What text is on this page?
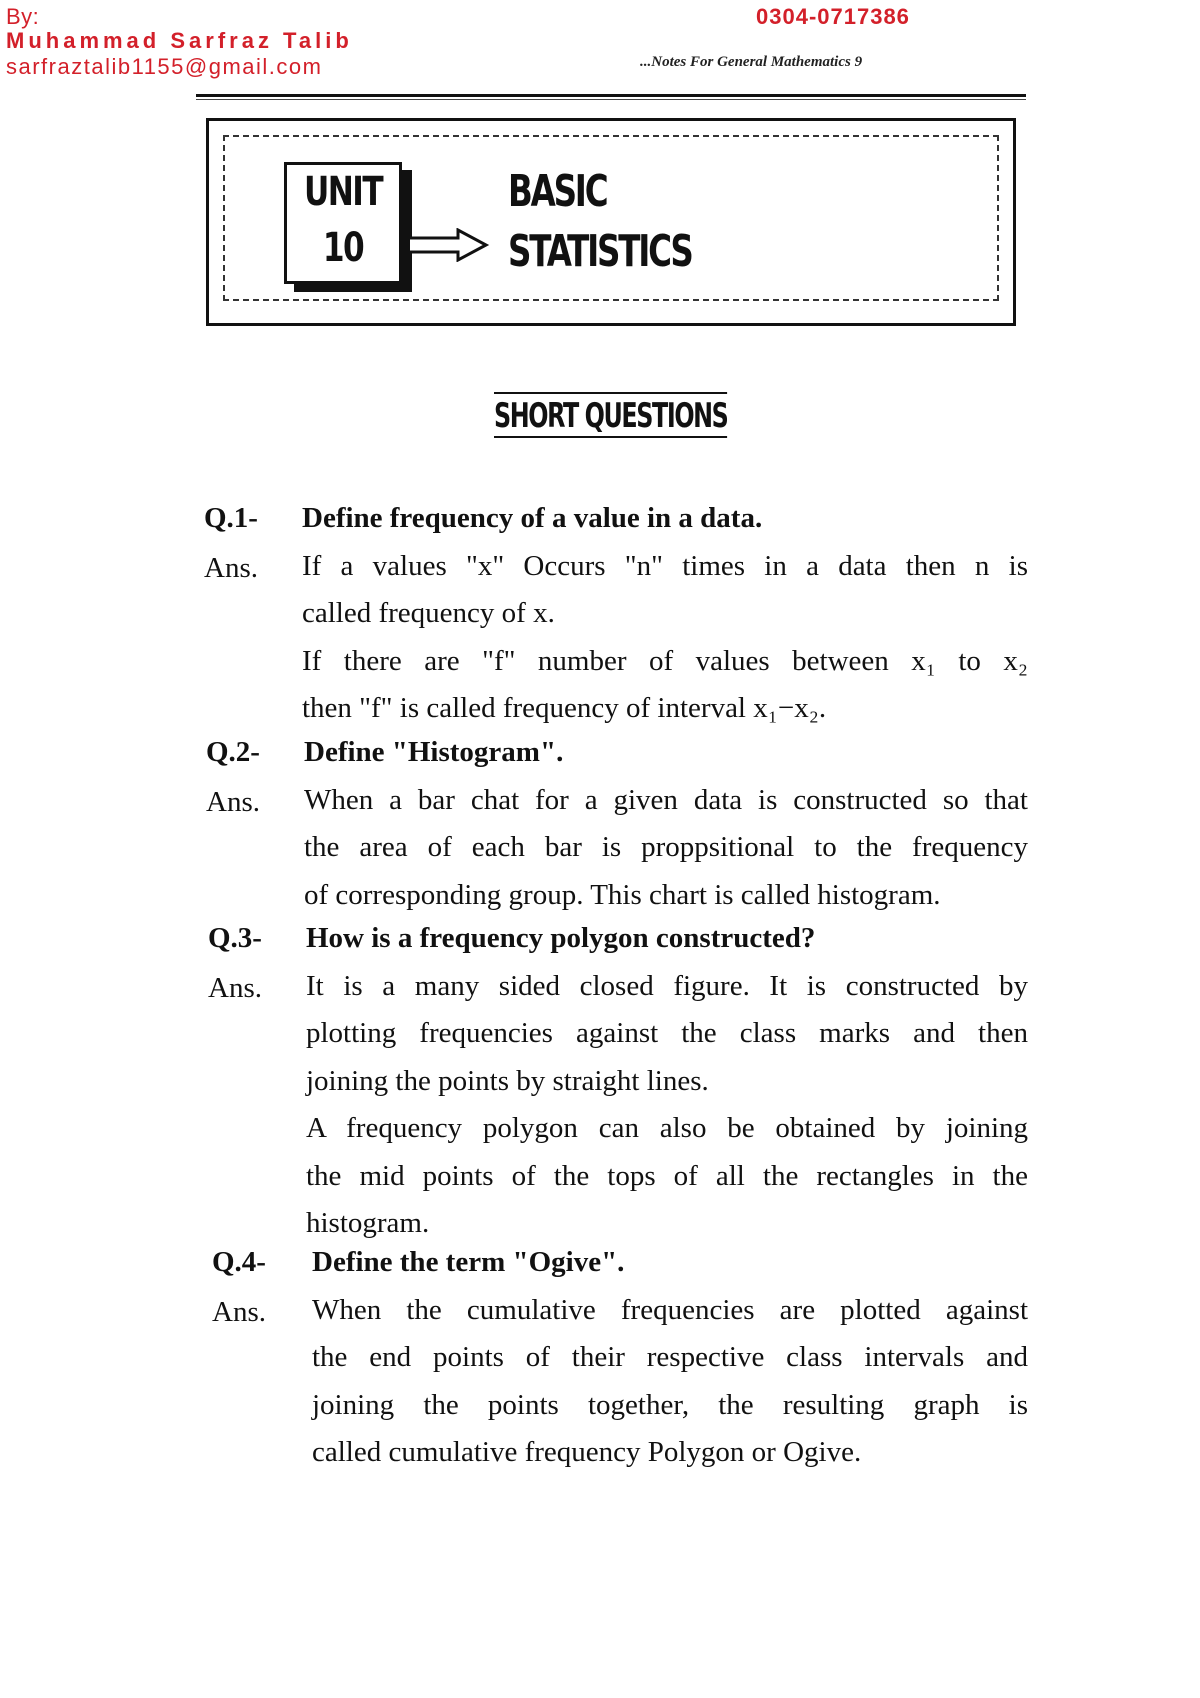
By:
Muhammad Sarfraz Talib
sarfraztalib1155@gmail.com
0304-0717386
...Notes For General Mathematics 9
UNIT
10
BASIC
STATISTICS
SHORT QUESTIONS
Q.1- Define frequency of a value in a data.
Ans. If a values "x" Occurs "n" times in a data then n is
called frequency of x.
If there are "f" number of values between x₁ to x₂
then "f" is called frequency of interval x₁−x₂.
Q.2- Define "Histogram".
Ans. When a bar chat for a given data is constructed so that
the area of each bar is proppsitional to the frequency
of corresponding group. This chart is called histogram.
Q.3- How is a frequency polygon constructed?
Ans. It is a many sided closed figure. It is constructed by
plotting frequencies against the class marks and then
joining the points by straight lines.
A frequency polygon can also be obtained by joining
the mid points of the tops of all the rectangles in the
histogram.
Q.4- Define the term "Ogive".
Ans. When the cumulative frequencies are plotted against
the end points of their respective class intervals and
joining the points together, the resulting graph is
called cumulative frequency Polygon or Ogive.
